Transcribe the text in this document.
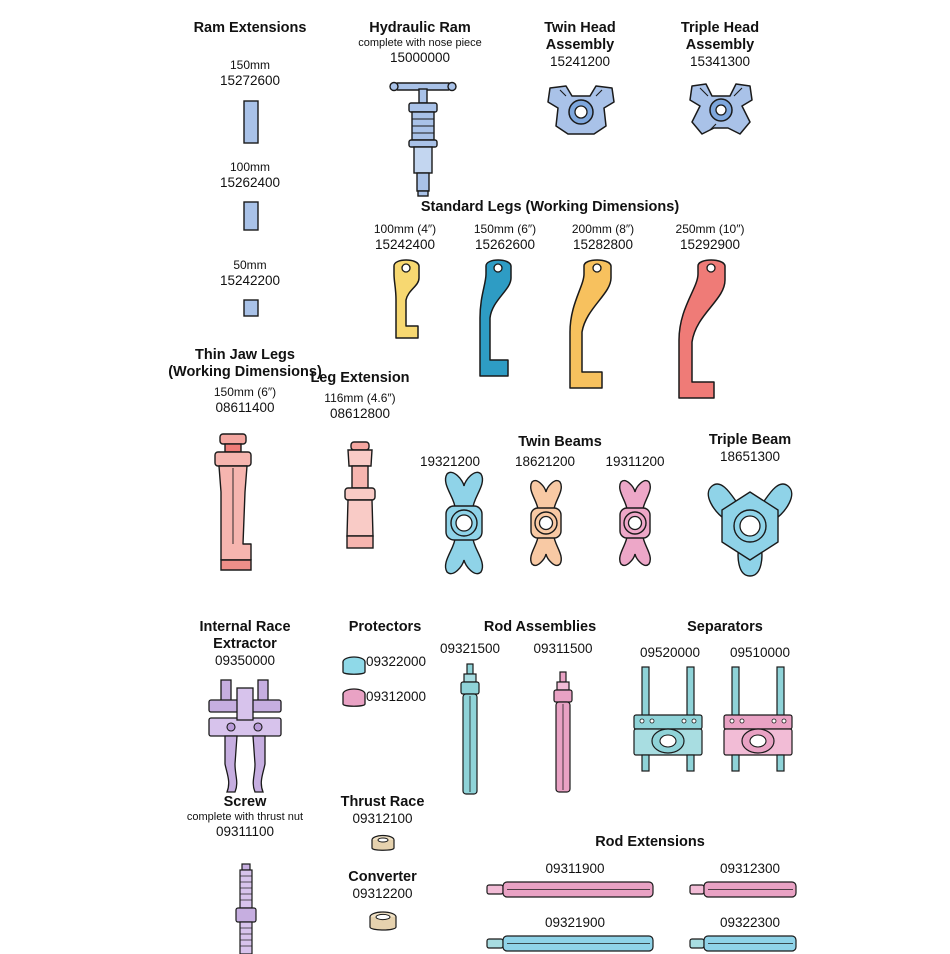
Ram Extensions
150mm
15272600
100mm
15262400
50mm
15242200
Hydraulic Ram
complete with nose piece
15000000
Twin Head
Assembly
15241200
Triple Head
Assembly
15341300
Standard Legs (Working Dimensions)
100mm (4″)
15242400
150mm (6″)
15262600
200mm (8″)
15282800
250mm (10″)
15292900
Thin Jaw Legs
(Working Dimensions)
150mm (6″)
08611400
Leg Extension
116mm (4.6″)
08612800
Twin Beams
19321200	18621200	19311200
Triple Beam
18651300
Internal Race
Extractor
09350000
Protectors
09322000
09312000
Rod Assemblies
09321500	09311500
Separators
09520000	09510000
Screw
complete with thrust nut
09311100
Thrust Race
09312100
Converter
09312200
Rod Extensions
09311900	09312300
09321900	09322300
